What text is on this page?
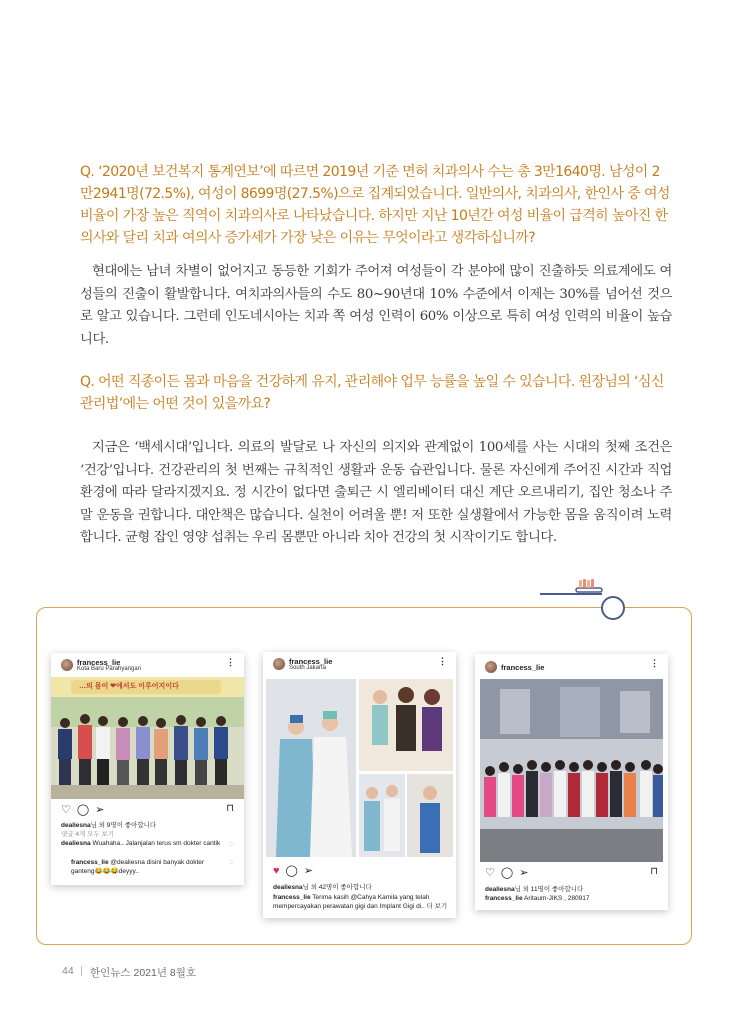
Q. ‘2020년 보건복지 통계연보’에 따르면 2019년 기준 면허 치과의사 수는 총 3만1640명. 남성이 2만2941명(72.5%), 여성이 8699명(27.5%)으로 집계되었습니다. 일반의사, 치과의사, 한인사 중 여성 비율이 가장 높은 직역이 치과의사로 나타났습니다. 하지만 지난 10년간 여성 비율이 급격히 높아진 한의사와 달리 치과 여의사 증가세가 가장 낮은 이유는 무엇이라고 생각하십니까?

현대에는 남녀 차별이 없어지고 동등한 기회가 주어져 여성들이 각 분야에 많이 진출하듯 의료계에도 여성들의 진출이 활발합니다. 여치과의사들의 수도 80~90년대 10% 수준에서 이제는 30%를 넘어선 것으로 알고 있습니다. 그런데 인도네시아는 치과 쪽 여성 인력이 60% 이상으로 특히 여성 인력의 비율이 높습니다.

Q. 어떤 직종이든 몸과 마음을 건강하게 유지, 관리해야 업무 능률을 높일 수 있습니다. 원장님의 ‘심신 관리법’에는 어떤 것이 있을까요?

지금은 ‘백세시대’입니다. 의료의 발달로 나 자신의 의지와 관계없이 100세를 사는 시대의 첫째 조건은 ‘건강’입니다. 건강관리의 첫 번째는 규칙적인 생활과 운동 습관입니다. 물론 자신에게 주어진 시간과 직업 환경에 따라 달라지겠지요. 정 시간이 없다면 출퇴근 시 엘리베이터 대신 계단 오르내리기, 집안 청소나 주말 운동을 권합니다. 대안책은 많습니다. 실천이 어려울 뿐! 저 또한 실생활에서 가능한 몸을 움직이려 노력합니다. 균형 잡인 영양 섭취는 우리 몸뿐만 아니라 치아 건강의 첫 시작이기도 합니다.

francess_lie
Kota Baru Parahyangan
⋮
…의 몸이 ❤에서도 이루어지이다
♡ ◯ ➢	⊓
dealiesna님 외 9명이 좋아합니다
댓글 4개 모두 보기
dealiesna Wuahaha.. Jalanjalan terus sm dokter cantik ♡
francess_lie @dealiesna disini banyak dokter ganteng😂😂😂deyyy..
♡
francess_lie
South Jakarta
⋮
♥ ◯ ➢
dealiesna님 외 42명이 좋아합니다
francess_lie Terima kasih @Cahya Kamila yang telah mempercayakan perawatan gigi dan Implant Gigi di.. 더 보기
francess_lie	⋮
♡ ◯ ➢	⊓
dealiesna님 외 11명이 좋아합니다
francess_lie Aritaum-JIKS , 280917
44 한인뉴스 2021년 8월호
